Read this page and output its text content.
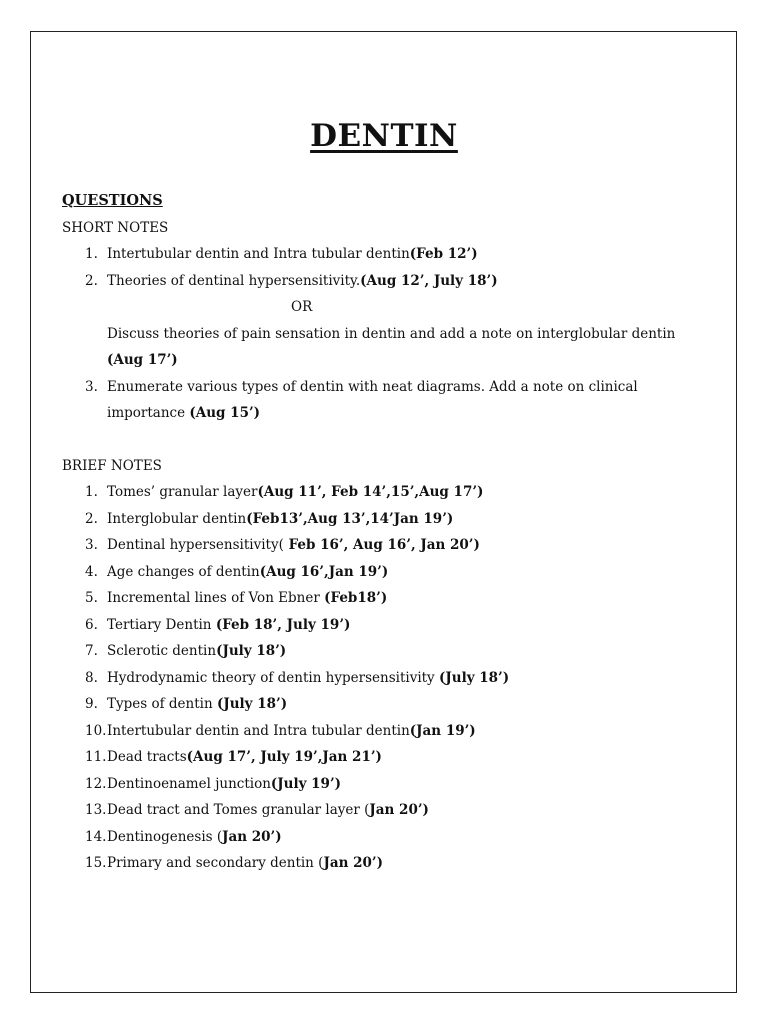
DENTIN
QUESTIONS
SHORT NOTES
1. Intertubular dentin and Intra tubular dentin(Feb 12’)
2. Theories of dentinal hypersensitivity.(Aug 12’, July 18’)
OR
Discuss theories of pain sensation in dentin and add a note on interglobular dentin (Aug 17’)
3. Enumerate various types of dentin with neat diagrams. Add a note on clinical importance (Aug 15’)
BRIEF NOTES
1. Tomes’ granular layer(Aug 11’, Feb 14’,15’,Aug 17’)
2. Interglobular dentin(Feb13’,Aug 13’,14’Jan 19’)
3. Dentinal hypersensitivity( Feb 16’, Aug 16’, Jan 20’)
4. Age changes of dentin(Aug 16’,Jan 19’)
5. Incremental lines of Von Ebner (Feb18’)
6. Tertiary Dentin (Feb 18’, July 19’)
7. Sclerotic dentin(July 18’)
8. Hydrodynamic theory of dentin hypersensitivity (July 18’)
9. Types of dentin (July 18’)
10. Intertubular dentin and Intra tubular dentin(Jan 19’)
11. Dead tracts(Aug 17’, July 19’,Jan 21’)
12. Dentinoenamel junction(July 19’)
13. Dead tract and Tomes granular layer (Jan 20’)
14. Dentinogenesis (Jan 20’)
15. Primary and secondary dentin (Jan 20’)
